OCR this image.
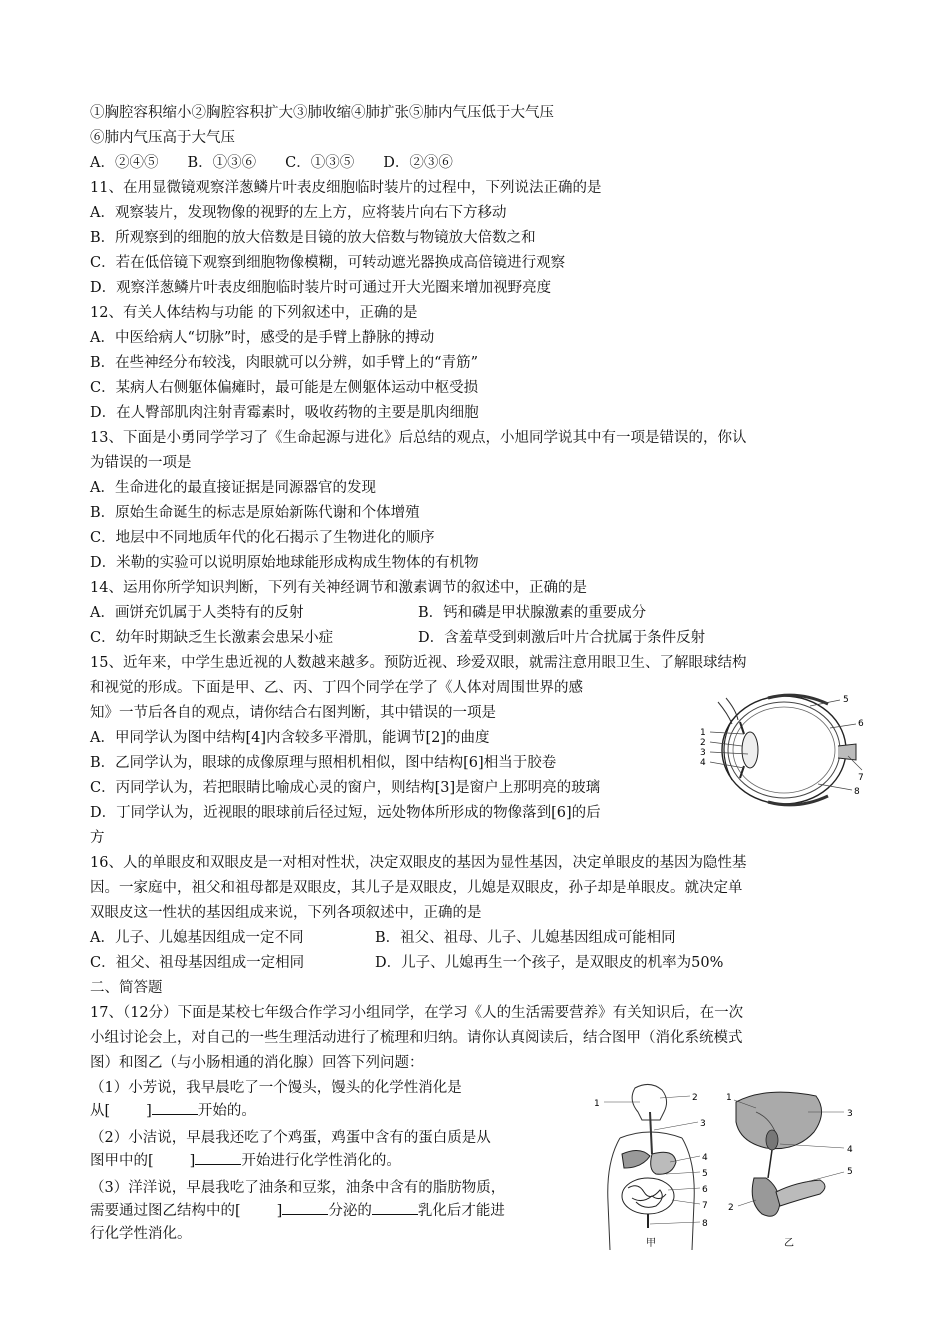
①胸腔容积缩小②胸腔容积扩大③肺收缩④肺扩张⑤肺内气压低于大气压
⑥肺内气压高于大气压
A．②④⑤　　B．①③⑥　　C．①③⑤　　D．②③⑥
11、在用显微镜观察洋葱鳞片叶表皮细胞临时装片的过程中，下列说法正确的是
A．观察装片，发现物像的视野的左上方，应将装片向右下方移动
B．所观察到的细胞的放大倍数是目镜的放大倍数与物镜放大倍数之和
C．若在低倍镜下观察到细胞物像模糊，可转动遮光器换成高倍镜进行观察
D．观察洋葱鳞片叶表皮细胞临时装片时可通过开大光圈来增加视野亮度
12、有关人体结构与功能 的下列叙述中，正确的是
A．中医给病人“切脉”时，感受的是手臂上静脉的搏动
B．在些神经分布较浅，肉眼就可以分辨，如手臂上的“青筋”
C．某病人右侧躯体偏瘫时，最可能是左侧躯体运动中枢受损
D．在人臀部肌肉注射青霉素时，吸收药物的主要是肌肉细胞
13、下面是小勇同学学习了《生命起源与进化》后总结的观点，小旭同学说其中有一项是错误的，你认
为错误的一项是
A．生命进化的最直接证据是同源器官的发现
B．原始生命诞生的标志是原始新陈代谢和个体增殖
C．地层中不同地质年代的化石揭示了生物进化的顺序
D．米勒的实验可以说明原始地球能形成构成生物体的有机物
14、运用你所学知识判断，下列有关神经调节和激素调节的叙述中，正确的是
A．画饼充饥属于人类特有的反射	B．钙和磷是甲状腺激素的重要成分
C．幼年时期缺乏生长激素会患呆小症	D．含羞草受到刺激后叶片合扰属于条件反射
15、近年来，中学生患近视的人数越来越多。预防近视、珍爱双眼，就需注意用眼卫生、了解眼球结构
和视觉的形成。下面是甲、乙、丙、丁四个同学在学了《人体对周围世界的感
知》一节后各自的观点，请你结合右图判断，其中错误的一项是
A．甲同学认为图中结构[4]内含较多平滑肌，能调节[2]的曲度
B．乙同学认为，眼球的成像原理与照相机相似，图中结构[6]相当于胶卷
C．丙同学认为，若把眼睛比喻成心灵的窗户，则结构[3]是窗户上那明亮的玻璃
D．丁同学认为，近视眼的眼球前后径过短，远处物体所形成的物像落到[6]的后
方
1
2
3
4
5
6
7
8
16、人的单眼皮和双眼皮是一对相对性状，决定双眼皮的基因为显性基因，决定单眼皮的基因为隐性基
因。一家庭中，祖父和祖母都是双眼皮，其儿子是双眼皮，儿媳是双眼皮，孙子却是单眼皮。就决定单
双眼皮这一性状的基因组成来说，下列各项叙述中，正确的是
A．儿子、儿媳基因组成一定不同	B．祖父、祖母、儿子、儿媳基因组成可能相同
C．祖父、祖母基因组成一定相同	D．儿子、儿媳再生一个孩子，是双眼皮的机率为50%
二、简答题
17、（12分）下面是某校七年级合作学习小组同学，在学习《人的生活需要营养》有关知识后，在一次
小组讨论会上，对自己的一些生理活动进行了梳理和归纳。请你认真阅读后，结合图甲（消化系统模式
图）和图乙（与小肠相通的消化腺）回答下列问题：
（1）小芳说，我早晨吃了一个馒头，馒头的化学性消化是
从[ ]	开始的。
（2）小洁说，早晨我还吃了个鸡蛋，鸡蛋中含有的蛋白质是从
图甲中的[ ]	开始进行化学性消化的。
（3）洋洋说，早晨我吃了油条和豆浆，油条中含有的脂肪物质，
需要通过图乙结构中的[ ]	分泌的	乳化后才能进
行化学性消化。
1
2
3
4
5
6
7
8
甲
1
3
4
5
2
乙
